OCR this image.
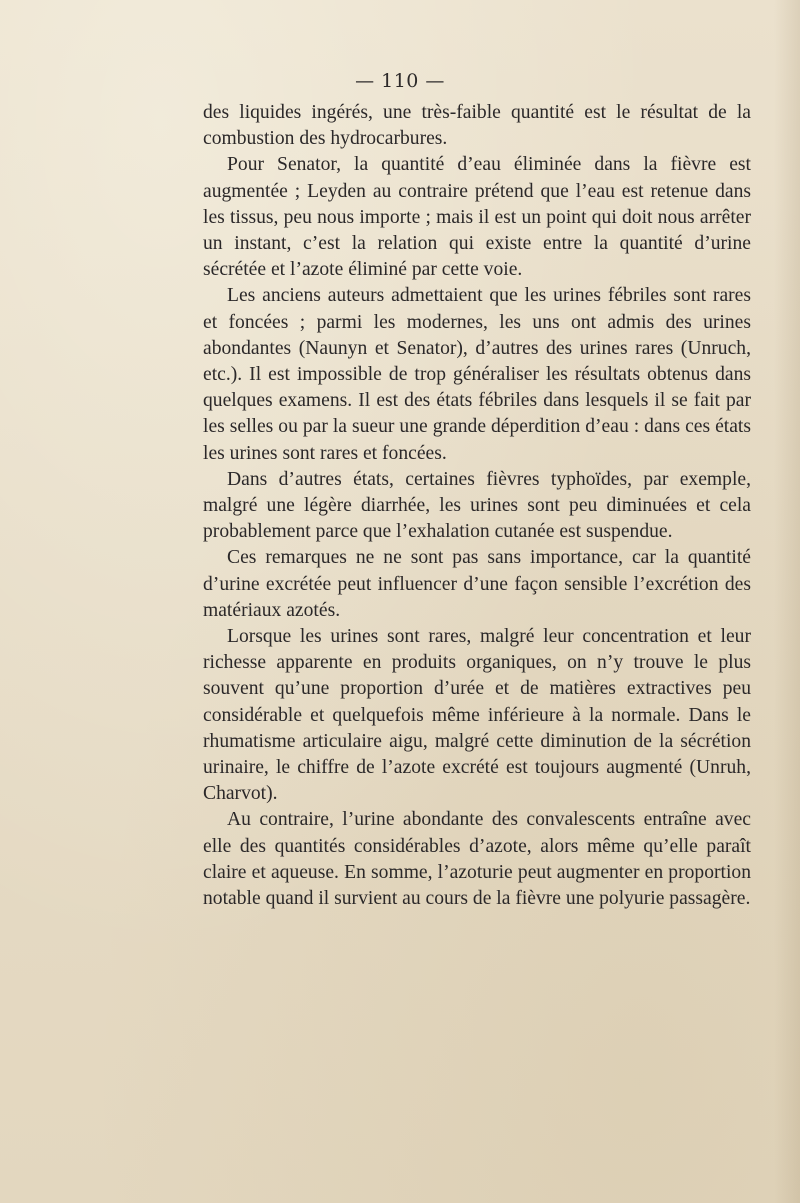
— 110 —

des liquides ingérés, une très-faible quantité est le résultat de la combustion des hydrocarbures.

Pour Senator, la quantité d’eau éliminée dans la fièvre est augmentée ; Leyden au contraire prétend que l’eau est retenue dans les tissus, peu nous importe ; mais il est un point qui doit nous arrêter un instant, c’est la relation qui existe entre la quantité d’urine sécrétée et l’azote éliminé par cette voie.

Les anciens auteurs admettaient que les urines fébriles sont rares et foncées ; parmi les modernes, les uns ont admis des urines abondantes (Naunyn et Senator), d’autres des urines rares (Unruch, etc.). Il est impossible de trop généraliser les résultats obtenus dans quelques examens. Il est des états fébriles dans lesquels il se fait par les selles ou par la sueur une grande déperdition d’eau : dans ces états les urines sont rares et foncées.

Dans d’autres états, certaines fièvres typhoïdes, par exemple, malgré une légère diarrhée, les urines sont peu diminuées et cela probablement parce que l’exhalation cutanée est suspendue.

Ces remarques ne ne sont pas sans importance, car la quantité d’urine excrétée peut influencer d’une façon sensible l’excrétion des matériaux azotés.

Lorsque les urines sont rares, malgré leur concentration et leur richesse apparente en produits organiques, on n’y trouve le plus souvent qu’une proportion d’urée et de matières extractives peu considérable et quelquefois même inférieure à la normale. Dans le rhumatisme articulaire aigu, malgré cette diminution de la sécrétion urinaire, le chiffre de l’azote excrété est toujours augmenté (Unruh, Charvot).

Au contraire, l’urine abondante des convalescents entraîne avec elle des quantités considérables d’azote, alors même qu’elle paraît claire et aqueuse. En somme, l’azoturie peut augmenter en proportion notable quand il survient au cours de la fièvre une polyurie passagère.
